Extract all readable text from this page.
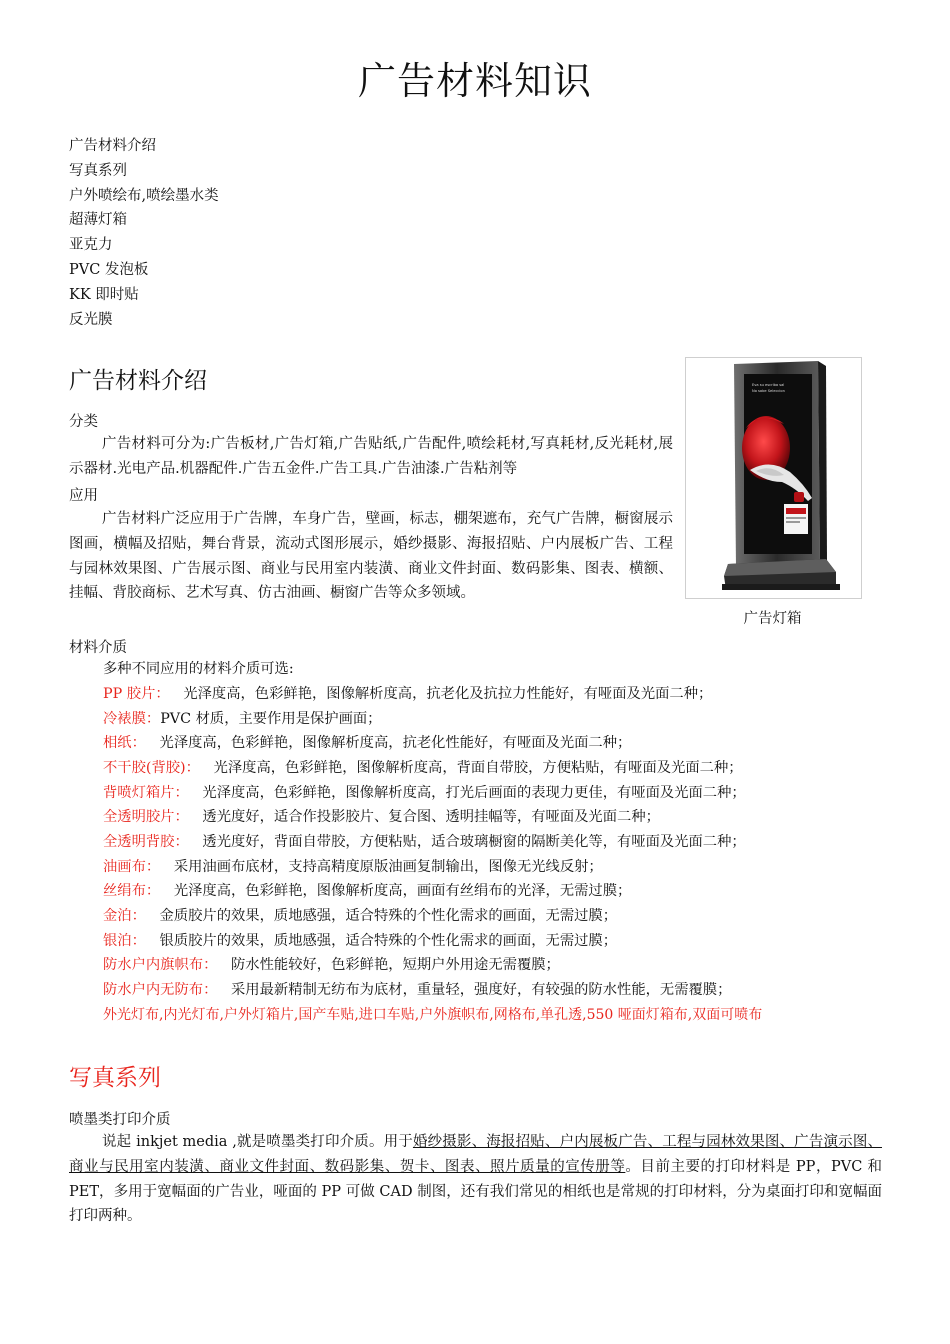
广告材料知识
广告材料介绍
写真系列
户外喷绘布,喷绘墨水类
超薄灯箱
亚克力
PVC 发泡板
KK 即时贴
反光膜
广告材料介绍
分类

广告材料可分为:广告板材,广告灯箱,广告贴纸,广告配件,喷绘耗材,写真耗材,反光耗材,展示器材.光电产品.机器配件.广告五金件.广告工具.广告油漆.广告粘剂等

应用

广告材料广泛应用于广告牌，车身广告，壁画，标志，棚架遮布，充气广告牌，橱窗展示图画，横幅及招贴，舞台背景，流动式图形展示，婚纱摄影、海报招贴、户内展板广告、工程与园林效果图、广告展示图、商业与民用室内装潢、商业文件封面、数码影集、图表、横额、挂幅、背胶商标、艺术写真、仿古油画、橱窗广告等众多领域。

Eva su escriba sal
No sabe Seleccion
广告灯箱
材料介质
多种不同应用的材料介质可选:
PP 胶片： 光泽度高，色彩鲜艳，图像解析度高，抗老化及抗拉力性能好，有哑面及光面二种；
冷裱膜：PVC 材质，主要作用是保护画面；
相纸： 光泽度高，色彩鲜艳，图像解析度高，抗老化性能好，有哑面及光面二种；
不干胶(背胶)： 光泽度高，色彩鲜艳，图像解析度高，背面自带胶，方便粘贴，有哑面及光面二种；
背喷灯箱片： 光泽度高，色彩鲜艳，图像解析度高，打光后画面的表现力更佳，有哑面及光面二种；
全透明胶片： 透光度好，适合作投影胶片、复合图、透明挂幅等，有哑面及光面二种；
全透明背胶： 透光度好，背面自带胶，方便粘贴，适合玻璃橱窗的隔断美化等，有哑面及光面二种；
油画布： 采用油画布底材，支持高精度原版油画复制输出，图像无光线反射；
丝绢布： 光泽度高，色彩鲜艳，图像解析度高，画面有丝绢布的光泽，无需过膜；
金泊： 金质胶片的效果，质地感强，适合特殊的个性化需求的画面，无需过膜；
银泊： 银质胶片的效果，质地感强，适合特殊的个性化需求的画面，无需过膜；
防水户内旗帜布： 防水性能较好，色彩鲜艳，短期户外用途无需覆膜；
防水户内无防布： 采用最新精制无纺布为底材，重量轻，强度好，有较强的防水性能，无需覆膜；
外光灯布,内光灯布,户外灯箱片,国产车贴,进口车贴,户外旗帜布,网格布,单孔透,550 哑面灯箱布,双面可喷布
写真系列
喷墨类打印介质

说起 inkjet media ,就是喷墨类打印介质。用于婚纱摄影、海报招贴、户内展板广告、工程与园林效果图、广告演示图、商业与民用室内装潢、商业文件封面、数码影集、贺卡、图表、照片质量的宣传册等。目前主要的打印材料是 PP，PVC 和 PET，多用于宽幅面的广告业，哑面的 PP 可做 CAD 制图，还有我们常见的相纸也是常规的打印材料，分为桌面打印和宽幅面打印两种。
